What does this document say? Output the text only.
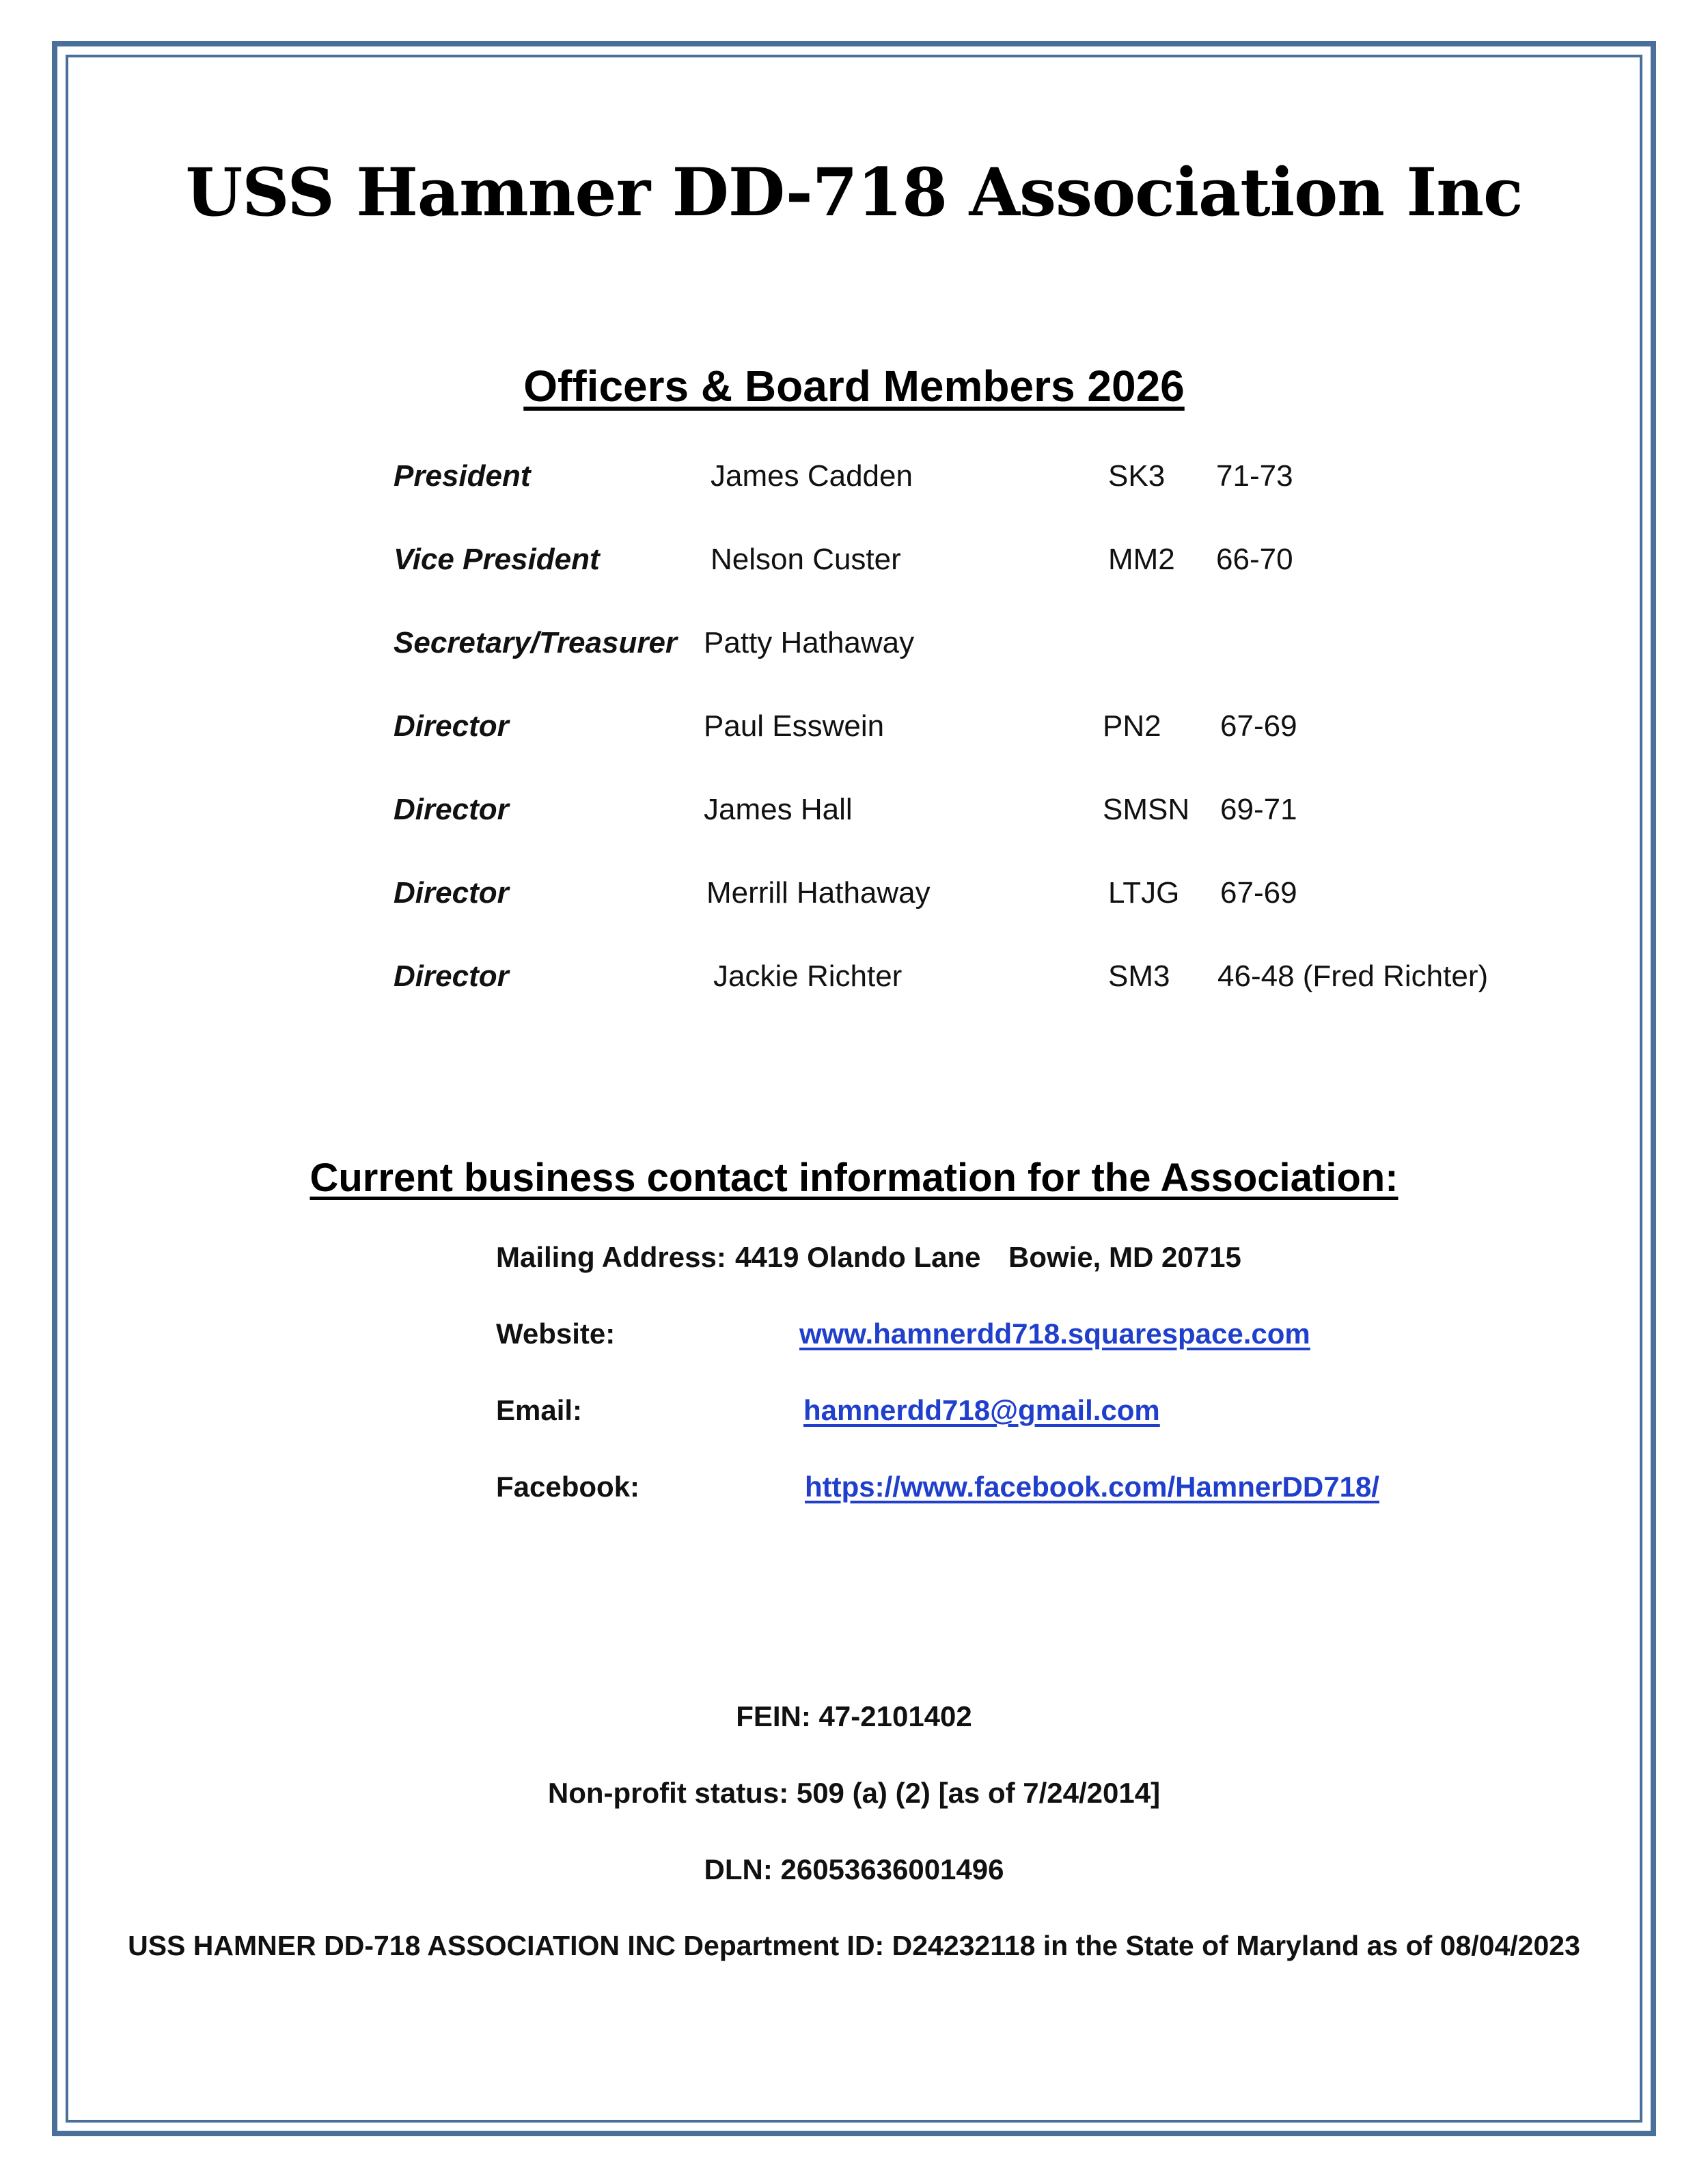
USS Hamner DD-718 Association Inc
Officers & Board Members 2026
President	James Cadden	SK3 71-73
Vice President	Nelson Custer	MM2 66-70
Secretary/Treasurer Patty Hathaway
Director	Paul Esswein	PN2 67-69
Director	James Hall	SMSN 69-71
Director	Merrill Hathaway	LTJG 67-69
Director	Jackie Richter	SM3 46-48 (Fred Richter)
Current business contact information for the Association:
Mailing Address: 4419 Olando Lane Bowie, MD 20715
Website:	www.hamnerdd718.squarespace.com
Email:	hamnerdd718@gmail.com
Facebook:	https://www.facebook.com/HamnerDD718/
FEIN: 47-2101402
Non-profit status: 509 (a) (2) [as of 7/24/2014]
DLN: 26053636001496
USS HAMNER DD-718 ASSOCIATION INC Department ID: D24232118 in the State of Maryland as of 08/04/2023
